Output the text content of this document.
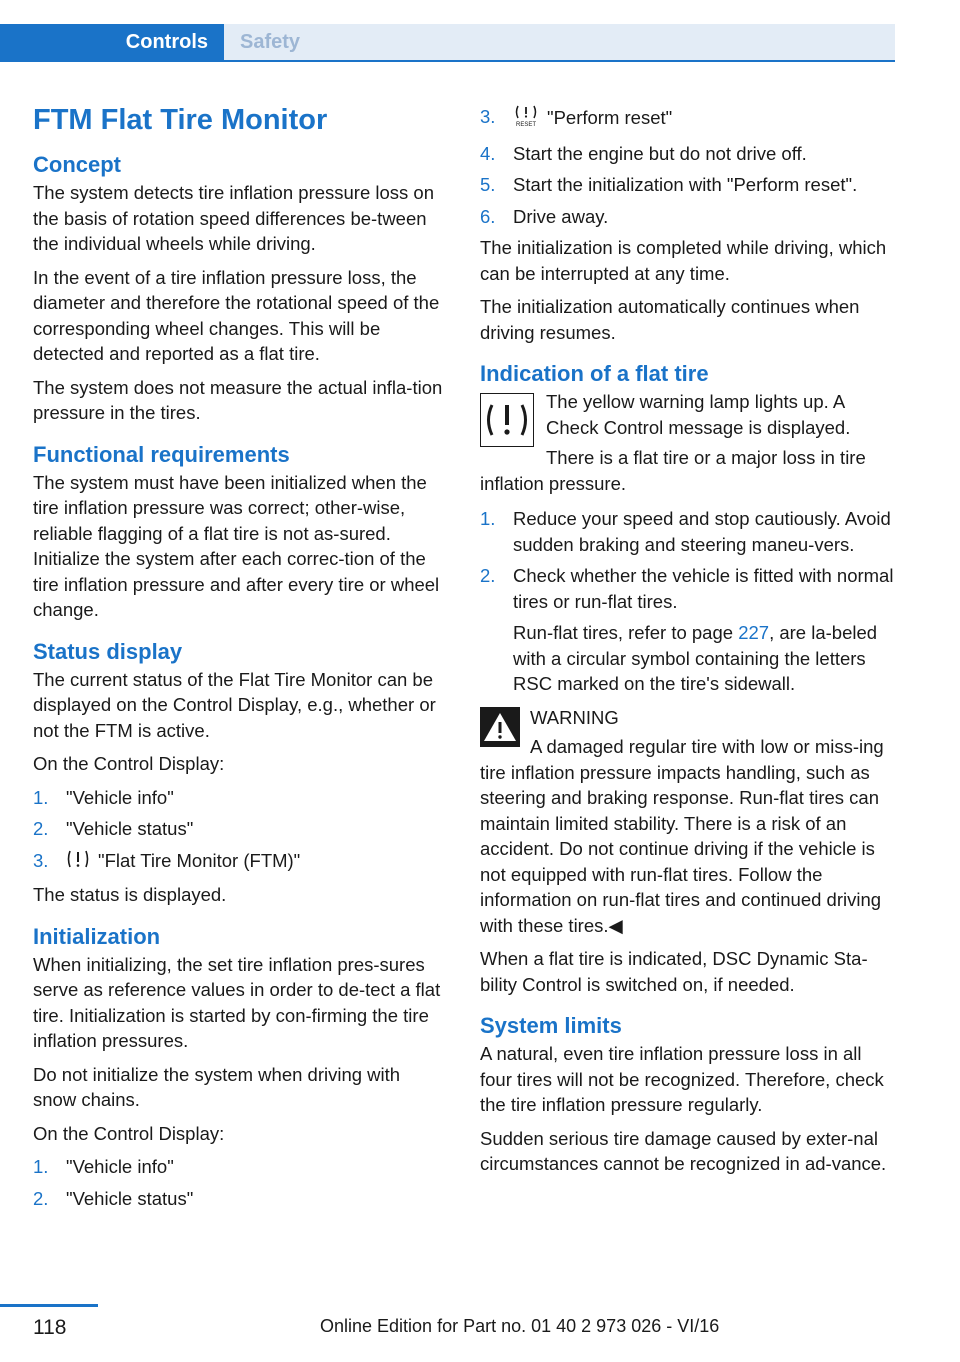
Controls	Safety
FTM Flat Tire Monitor
Concept

The system detects tire inflation pressure loss on the basis of rotation speed differences be-tween the individual wheels while driving.

In the event of a tire inflation pressure loss, the diameter and therefore the rotational speed of the corresponding wheel changes. This will be detected and reported as a flat tire.

The system does not measure the actual infla-tion pressure in the tires.

Functional requirements

The system must have been initialized when the tire inflation pressure was correct; other-wise, reliable flagging of a flat tire is not as-sured. Initialize the system after each correc-tion of the tire inflation pressure and after every tire or wheel change.

Status display

The current status of the Flat Tire Monitor can be displayed on the Control Display, e.g., whether or not the FTM is active.

On the Control Display:

1. "Vehicle info"
2. "Vehicle status"
3.	"Flat Tire Monitor (FTM)"

The status is displayed.

Initialization

When initializing, the set tire inflation pres-sures serve as reference values in order to de-tect a flat tire. Initialization is started by con-firming the tire inflation pressures.

Do not initialize the system when driving with snow chains.

On the Control Display:

1. "Vehicle info"
2. "Vehicle status"
3.	RESET "Perform reset"
4. Start the engine but do not drive off.
5. Start the initialization with "Perform reset".
6. Drive away.

The initialization is completed while driving, which can be interrupted at any time.

The initialization automatically continues when driving resumes.

Indication of a flat tire

The yellow warning lamp lights up. A Check Control message is displayed.

There is a flat tire or a major loss in tire inflation pressure.

1. Reduce your speed and stop cautiously. Avoid sudden braking and steering maneu-vers.
2. Check whether the vehicle is fitted with normal tires or run-flat tires.

Run-flat tires, refer to page 227, are la-beled with a circular symbol containing the letters RSC marked on the tire's sidewall.

WARNING

A damaged regular tire with low or miss-ing tire inflation pressure impacts handling, such as steering and braking response. Run-flat tires can maintain limited stability. There is a risk of an accident. Do not continue driving if the vehicle is not equipped with run-flat tires. Follow the information on run-flat tires and continued driving with these tires.◀

When a flat tire is indicated, DSC Dynamic Sta-bility Control is switched on, if needed.

System limits

A natural, even tire inflation pressure loss in all four tires will not be recognized. Therefore, check the tire inflation pressure regularly.

Sudden serious tire damage caused by exter-nal circumstances cannot be recognized in ad-vance.

118	Online Edition for Part no. 01 40 2 973 026 - VI/16
